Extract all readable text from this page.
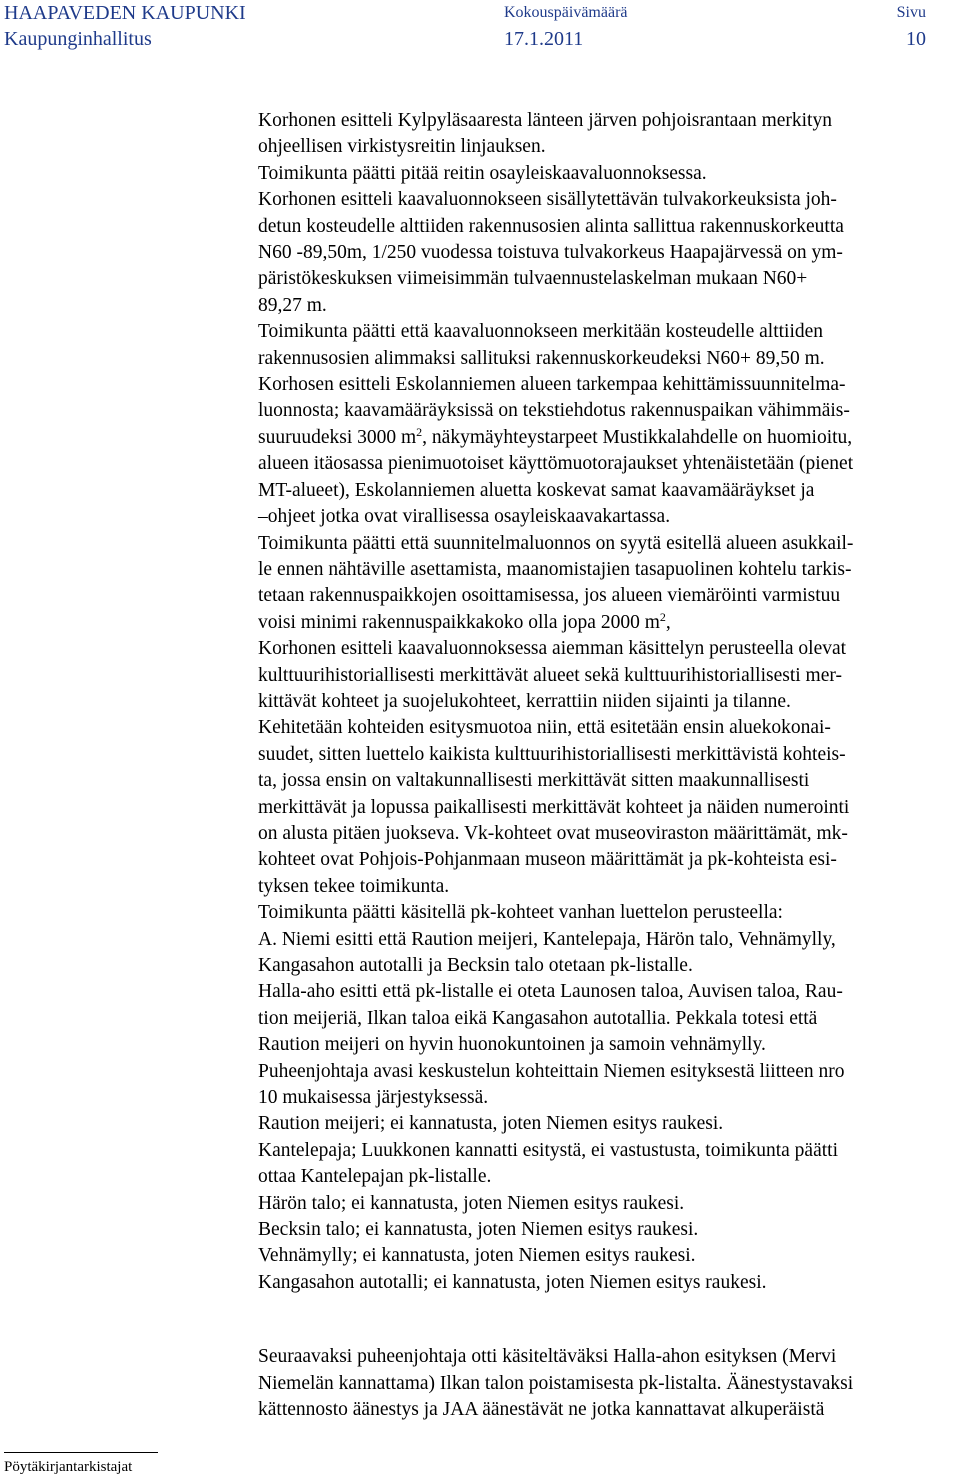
HAAPAVEDEN KAUPUNKI
Kaupunginhallitus
Kokouspäivämäärä
17.1.2011
Sivu
10
Korhonen esitteli Kylpyläsaaresta länteen järven pohjoisrantaan merkityn
ohjeellisen virkistysreitin linjauksen.
Toimikunta päätti pitää reitin osayleiskaavaluonnoksessa.
Korhonen esitteli kaavaluonnokseen sisällytettävän tulvakorkeuksista joh-
detun kosteudelle alttiiden rakennusosien alinta sallittua rakennuskorkeutta
N60 -89,50m, 1/250 vuodessa toistuva tulvakorkeus Haapajärvessä on ym-
päristökeskuksen viimeisimmän tulvaennustelaskelman mukaan N60+
89,27 m.
Toimikunta päätti että kaavaluonnokseen merkitään kosteudelle alttiiden
rakennusosien alimmaksi sallituksi rakennuskorkeudeksi N60+ 89,50 m.
Korhosen esitteli Eskolanniemen alueen tarkempaa kehittämissuunnitelma-
luonnosta; kaavamääräyksissä on tekstiehdotus rakennuspaikan vähimmäis-
suuruudeksi 3000 $m^2$, näkymäyhteystarpeet Mustikkalahdelle on huomioitu,
alueen itäosassa pienimuotoiset käyttömuotorajaukset yhtenäistetään (pienet
MT-alueet), Eskolanniemen aluetta koskevat samat kaavamääräykset ja
–ohjeet jotka ovat virallisessa osayleiskaavakartassa.
Toimikunta päätti että suunnitelmaluonnos on syytä esitellä alueen asukkail-
le ennen nähtäville asettamista, maanomistajien tasapuolinen kohtelu tarkis-
tetaan rakennuspaikkojen osoittamisessa, jos alueen viemäröinti varmistuu
voisi minimi rakennuspaikkakoko olla jopa 2000 $m^2$,
Korhonen esitteli kaavaluonnoksessa aiemman käsittelyn perusteella olevat
kulttuurihistoriallisesti merkittävät alueet sekä kulttuurihistoriallisesti mer-
kittävät kohteet ja suojelukohteet, kerrattiin niiden sijainti ja tilanne.
Kehitetään kohteiden esitysmuotoa niin, että esitetään ensin aluekokonai-
suudet, sitten luettelo kaikista kulttuurihistoriallisesti merkittävistä kohteis-
ta, jossa ensin on valtakunnallisesti merkittävät sitten maakunnallisesti
merkittävät ja lopussa paikallisesti merkittävät kohteet ja näiden numerointi
on alusta pitäen juokseva. Vk-kohteet ovat museoviraston määrittämät, mk-
kohteet ovat Pohjois-Pohjanmaan museon määrittämät ja pk-kohteista esi-
tyksen tekee toimikunta.
Toimikunta päätti käsitellä pk-kohteet vanhan luettelon perusteella:
A. Niemi esitti että Raution meijeri, Kantelepaja, Härön talo, Vehnämylly,
Kangasahon autotalli ja Becksin talo otetaan pk-listalle.
Halla-aho esitti että pk-listalle ei oteta Launosen taloa, Auvisen taloa, Rau-
tion meijeriä, Ilkan taloa eikä Kangasahon autotallia. Pekkala totesi että
Raution meijeri on hyvin huonokuntoinen ja samoin vehnämylly.
Puheenjohtaja avasi keskustelun kohteittain Niemen esityksestä liitteen nro
10 mukaisessa järjestyksessä.
Raution meijeri; ei kannatusta, joten Niemen esitys raukesi.
Kantelepaja; Luukkonen kannatti esitystä, ei vastustusta, toimikunta päätti
ottaa Kantelepajan pk-listalle.
Härön talo; ei kannatusta, joten Niemen esitys raukesi.
Becksin talo; ei kannatusta, joten Niemen esitys raukesi.
Vehnämylly; ei kannatusta, joten Niemen esitys raukesi.
Kangasahon autotalli; ei kannatusta, joten Niemen esitys raukesi.
Seuraavaksi puheenjohtaja otti käsiteltäväksi Halla-ahon esityksen (Mervi
Niemelän kannattama) Ilkan talon poistamisesta pk-listalta. Äänestystavaksi
kättennosto äänestys ja JAA äänestävät ne jotka kannattavat alkuperäistä
Pöytäkirjantarkistajat
